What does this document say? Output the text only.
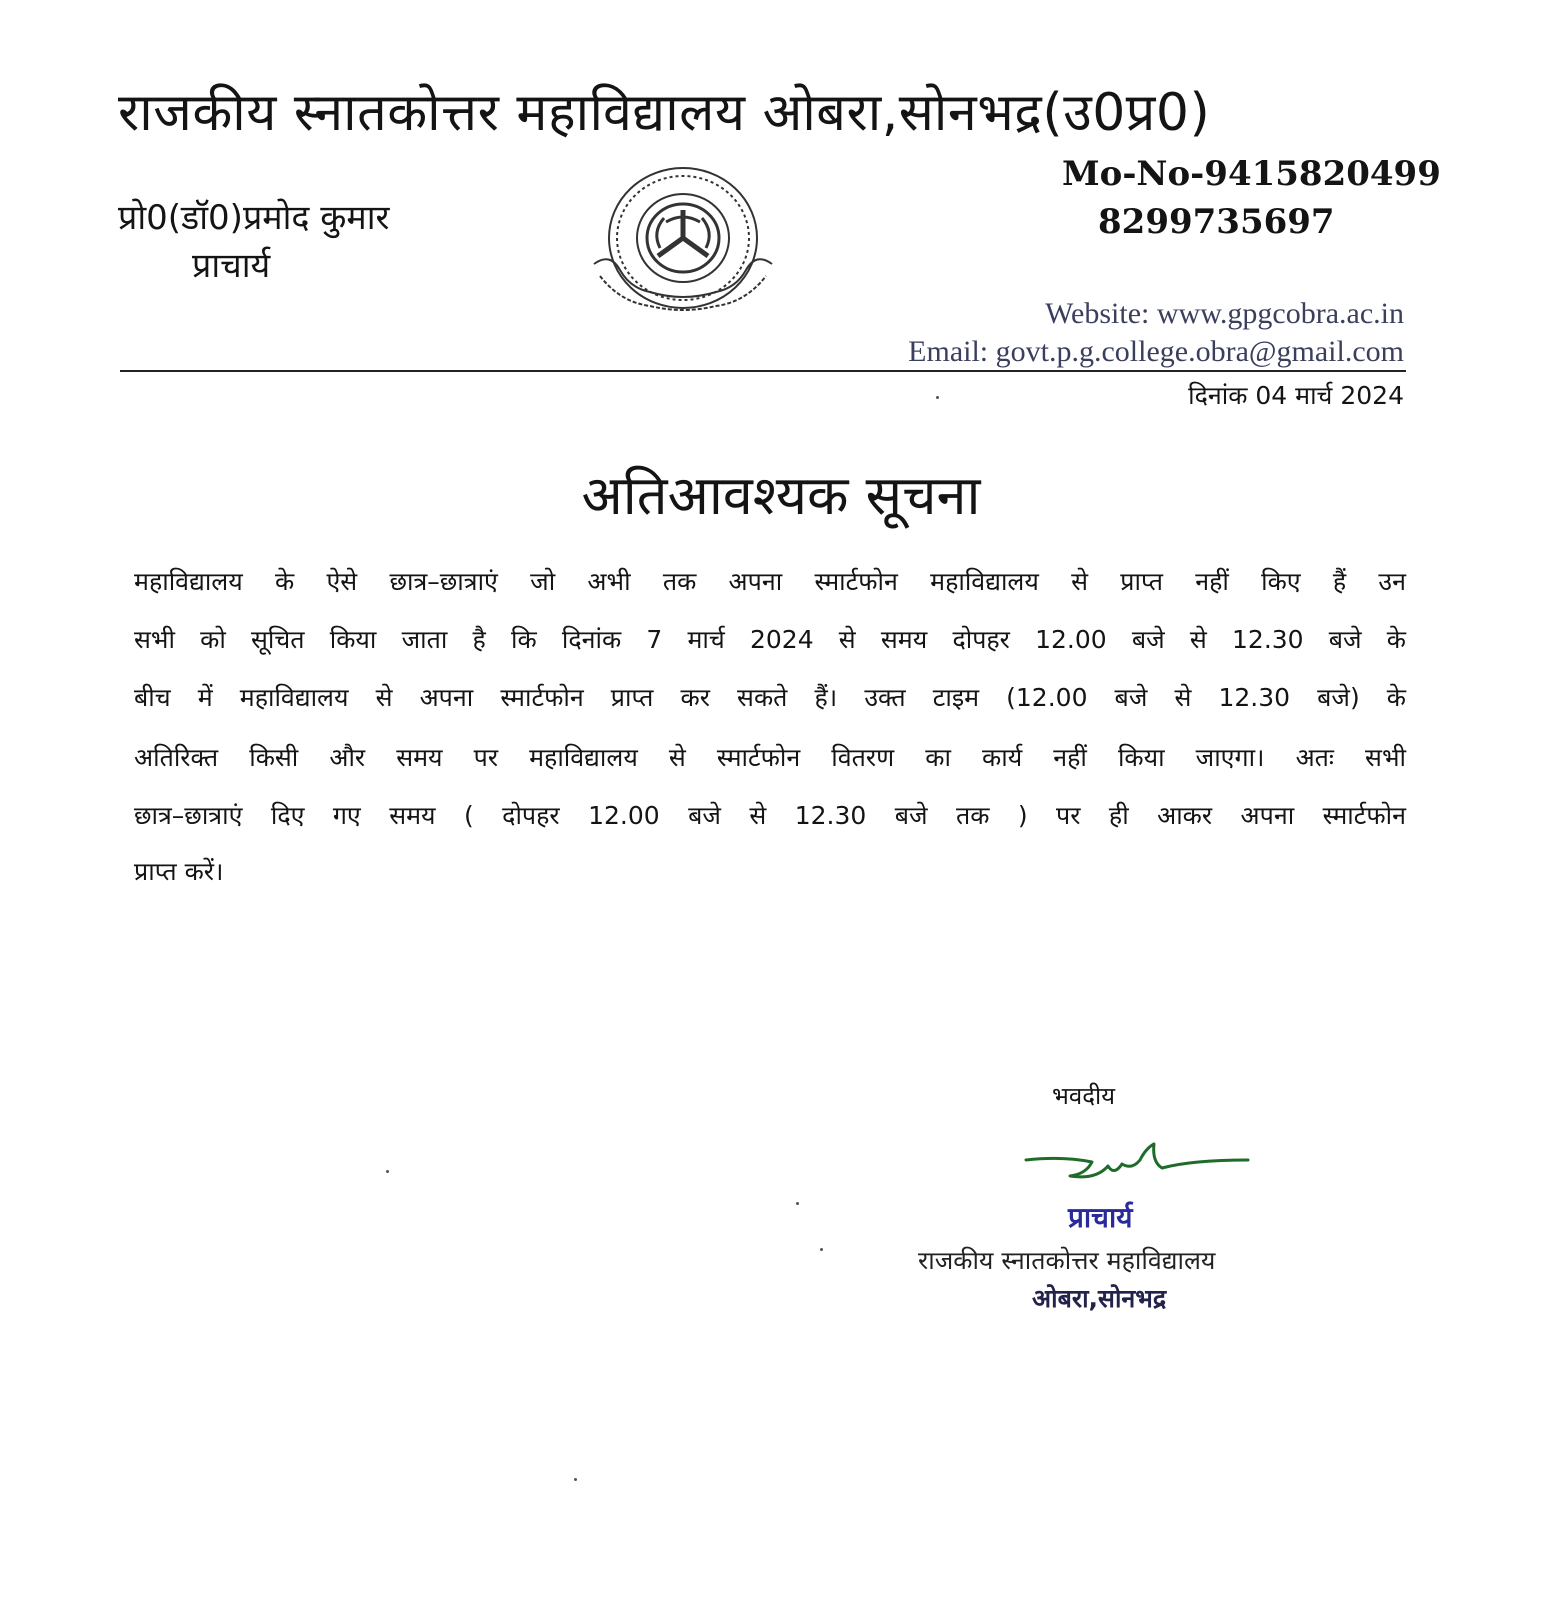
राजकीय स्नातकोत्तर महाविद्यालय ओबरा,सोनभद्र(उ0प्र0)
प्रो0(डॉ0)प्रमोद कुमार
प्राचार्य
Mo-No-9415820499
8299735697
Website: www.gpgcobra.ac.in
Email: govt.p.g.college.obra@gmail.com
दिनांक 04 मार्च 2024
अतिआवश्यक सूचना
महाविद्यालय के ऐसे छात्र–छात्राएं जो अभी तक अपना स्मार्टफोन महाविद्यालय से प्राप्त नहीं किए हैं उन
सभी को सूचित किया जाता है कि दिनांक 7 मार्च 2024 से समय दोपहर 12.00 बजे से 12.30 बजे के
बीच में महाविद्यालय से अपना स्मार्टफोन प्राप्त कर सकते हैं। उक्त टाइम (12.00 बजे से 12.30 बजे) के
अतिरिक्त किसी और समय पर महाविद्यालय से स्मार्टफोन वितरण का कार्य नहीं किया जाएगा। अतः सभी
छात्र–छात्राएं दिए गए समय ( दोपहर 12.00 बजे से 12.30 बजे तक ) पर ही आकर अपना स्मार्टफोन
प्राप्त करें।
भवदीय
प्राचार्य
राजकीय स्नातकोत्तर महाविद्यालय
ओबरा,सोनभद्र
